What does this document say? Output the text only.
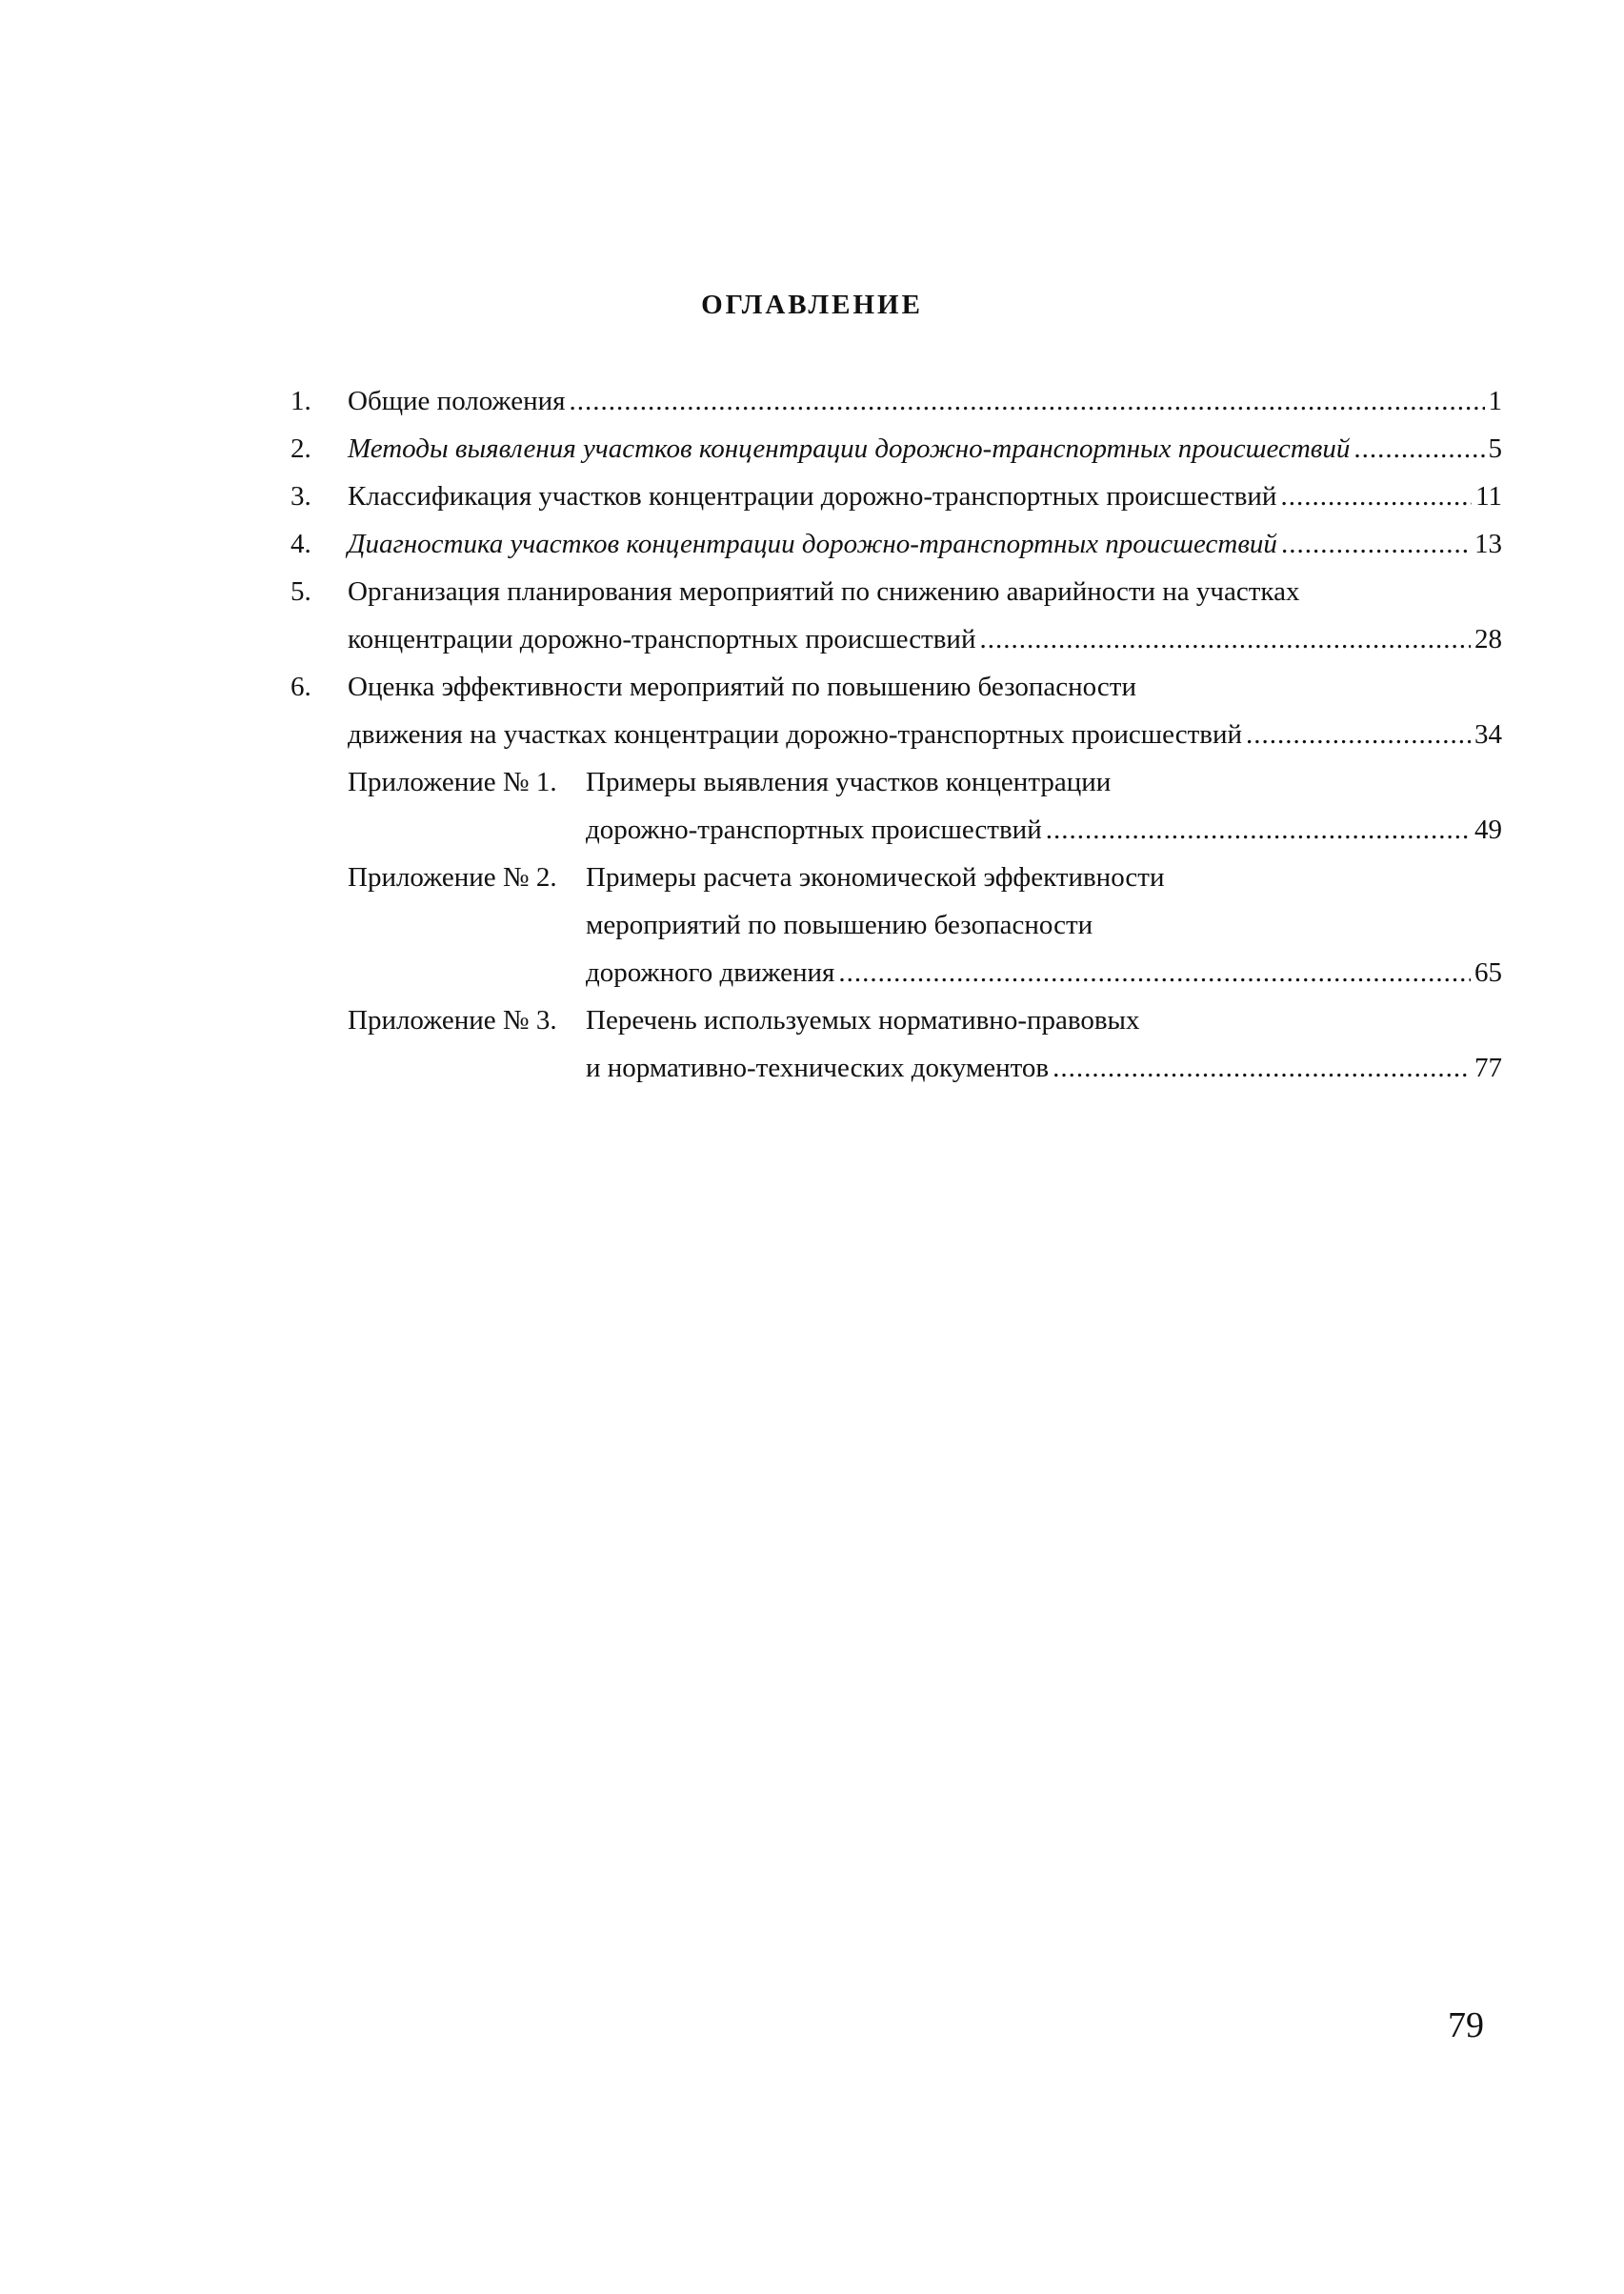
ОГЛАВЛЕНИЕ
1.	Общие положения .....	1
2.	Методы выявления участков концентрации дорожно-транспортных происшествий .....	5
3.	Классификация участков концентрации дорожно-транспортных происшествий .....	11
4.	Диагностика участков концентрации дорожно-транспортных происшествий .....	13
5.	Организация планирования мероприятий по снижению аварийности на участках
концентрации дорожно-транспортных происшествий .....	28
6.	Оценка эффективности мероприятий по повышению безопасности
движения на участках концентрации дорожно-транспортных происшествий .....	34
Приложение № 1.	Примеры выявления участков концентрации
дорожно-транспортных происшествий .....	49
Приложение № 2.	Примеры расчета экономической эффективности
мероприятий по повышению безопасности
дорожного движения .....	65
Приложение № 3.	Перечень используемых нормативно-правовых
и нормативно-технических документов .....	77
79
